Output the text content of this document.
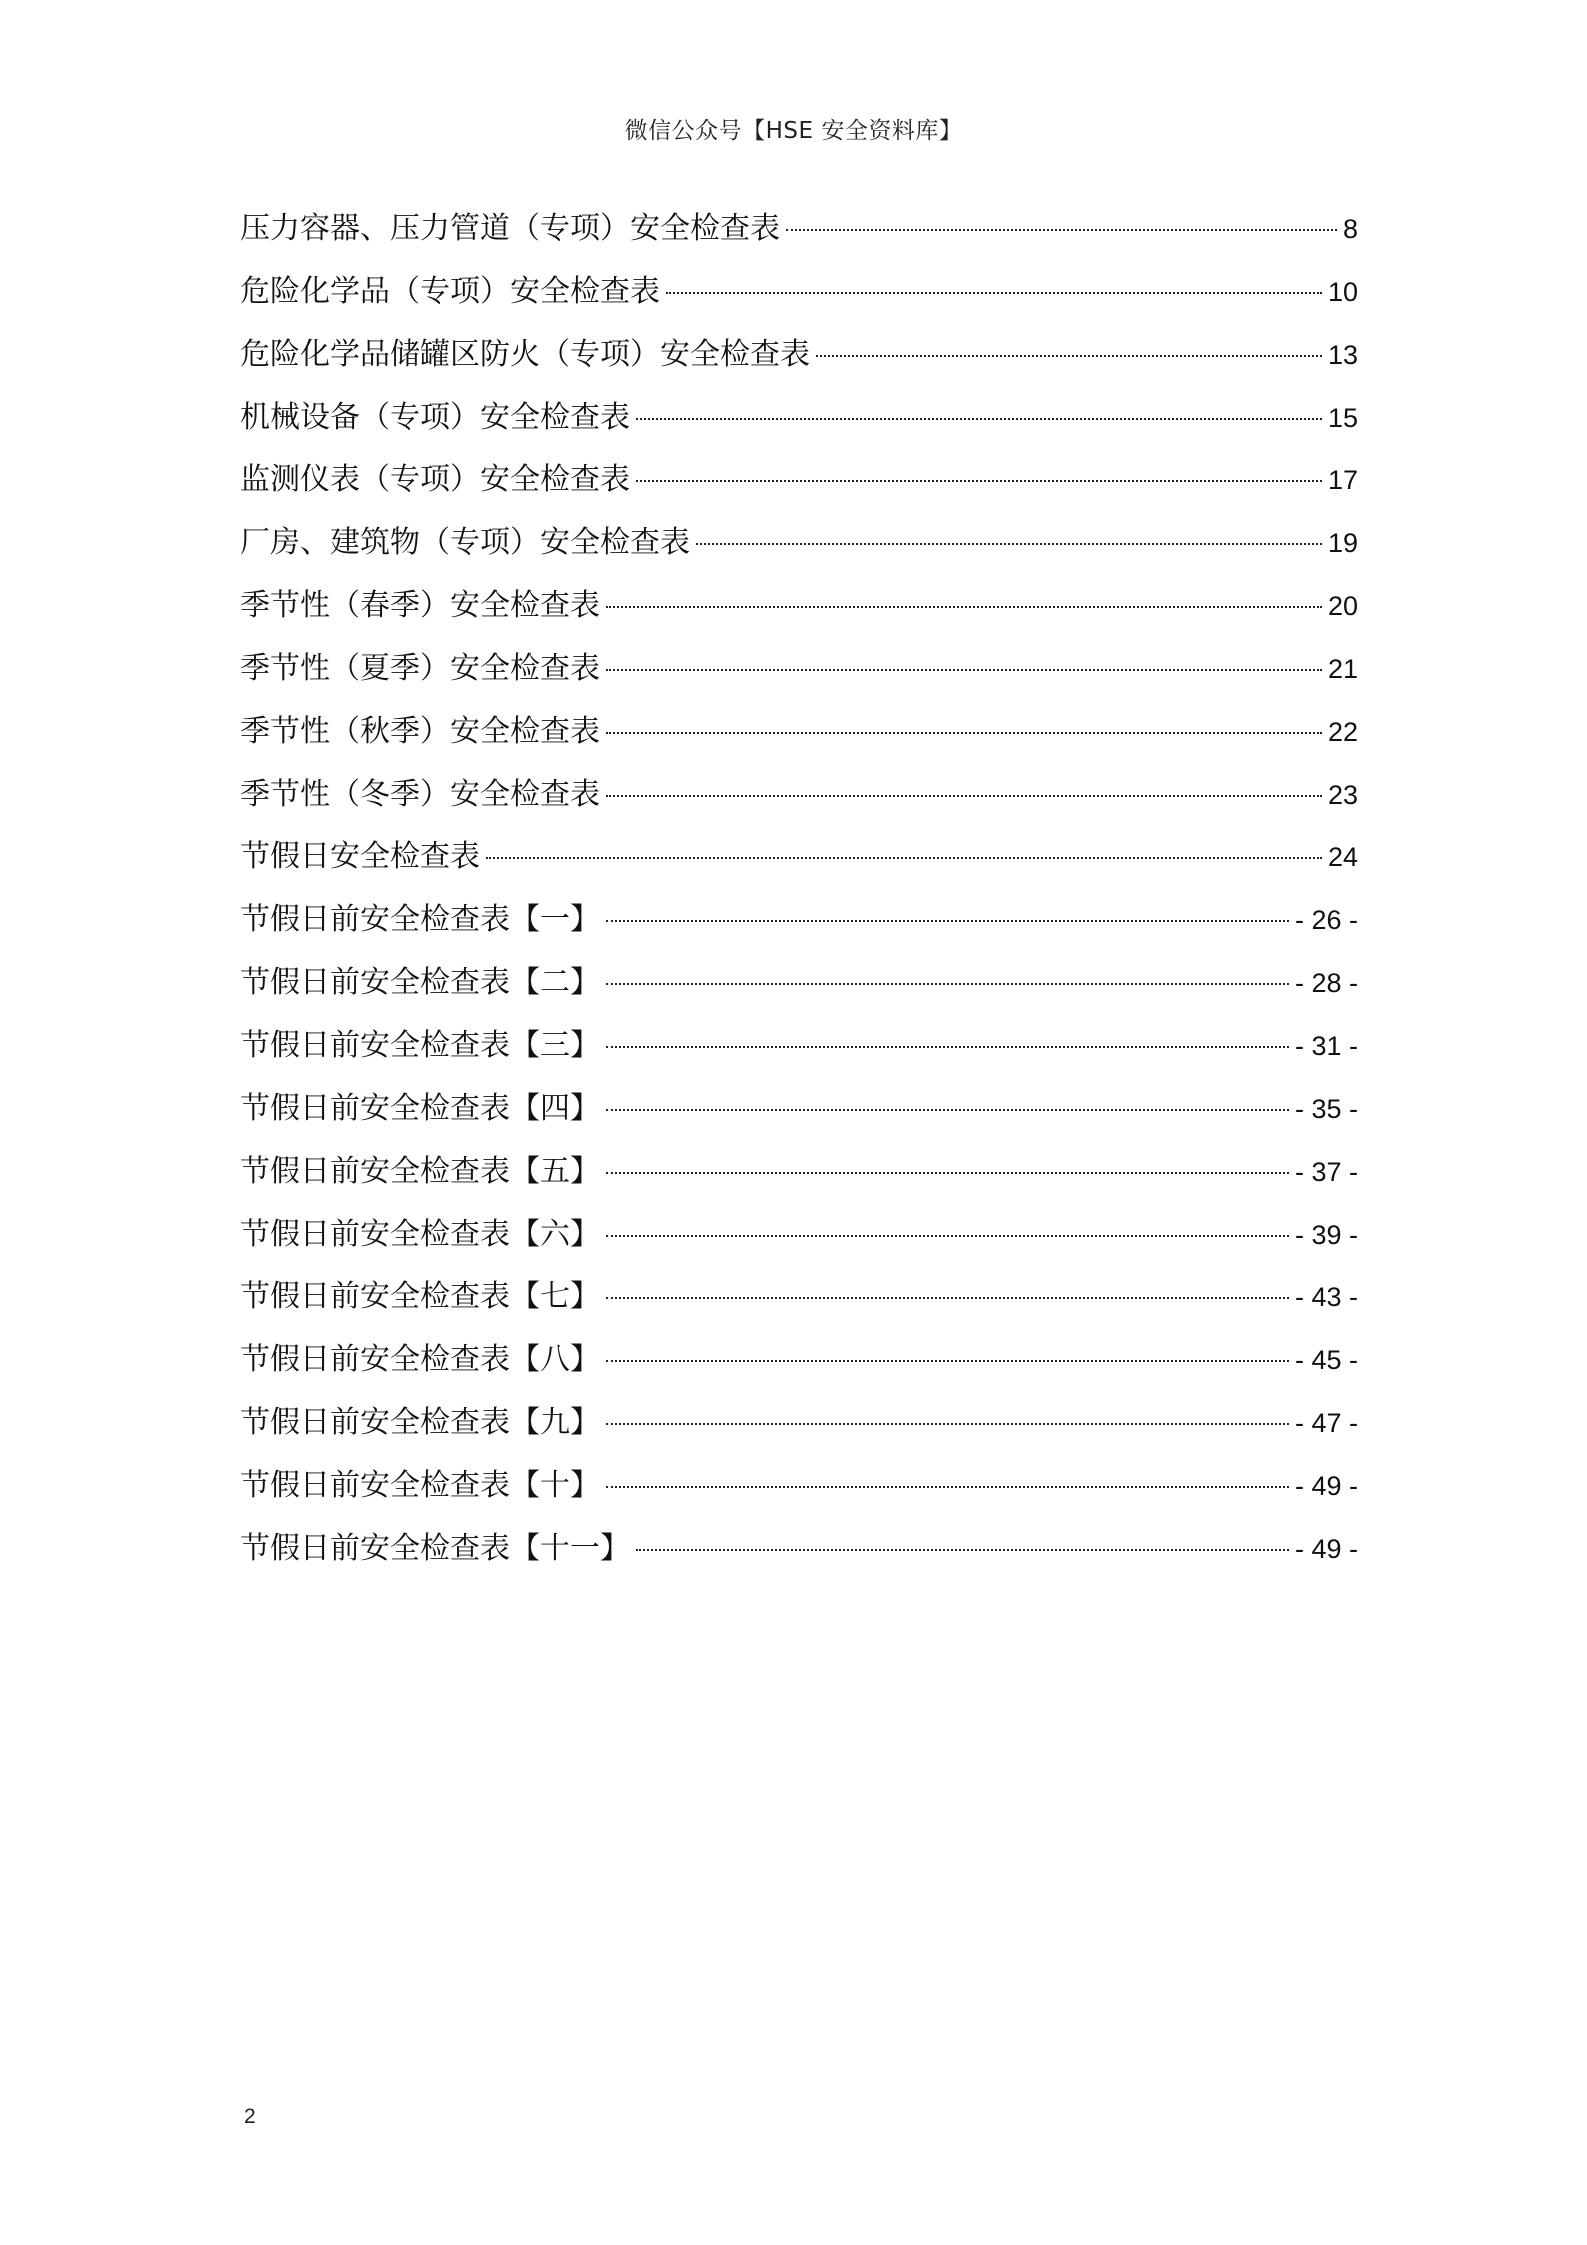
微信公众号【HSE 安全资料库】
压力容器、压力管道（专项）安全检查表	8
危险化学品（专项）安全检查表	10
危险化学品储罐区防火（专项）安全检查表	13
机械设备（专项）安全检查表	15
监测仪表（专项）安全检查表	17
厂房、建筑物（专项）安全检查表	19
季节性（春季）安全检查表	20
季节性（夏季）安全检查表	21
季节性（秋季）安全检查表	22
季节性（冬季）安全检查表	23
节假日安全检查表	24
节假日前安全检查表【一】	- 26 -
节假日前安全检查表【二】	- 28 -
节假日前安全检查表【三】	- 31 -
节假日前安全检查表【四】	- 35 -
节假日前安全检查表【五】	- 37 -
节假日前安全检查表【六】	- 39 -
节假日前安全检查表【七】	- 43 -
节假日前安全检查表【八】	- 45 -
节假日前安全检查表【九】	- 47 -
节假日前安全检查表【十】	- 49 -
节假日前安全检查表【十一】	- 49 -
2
